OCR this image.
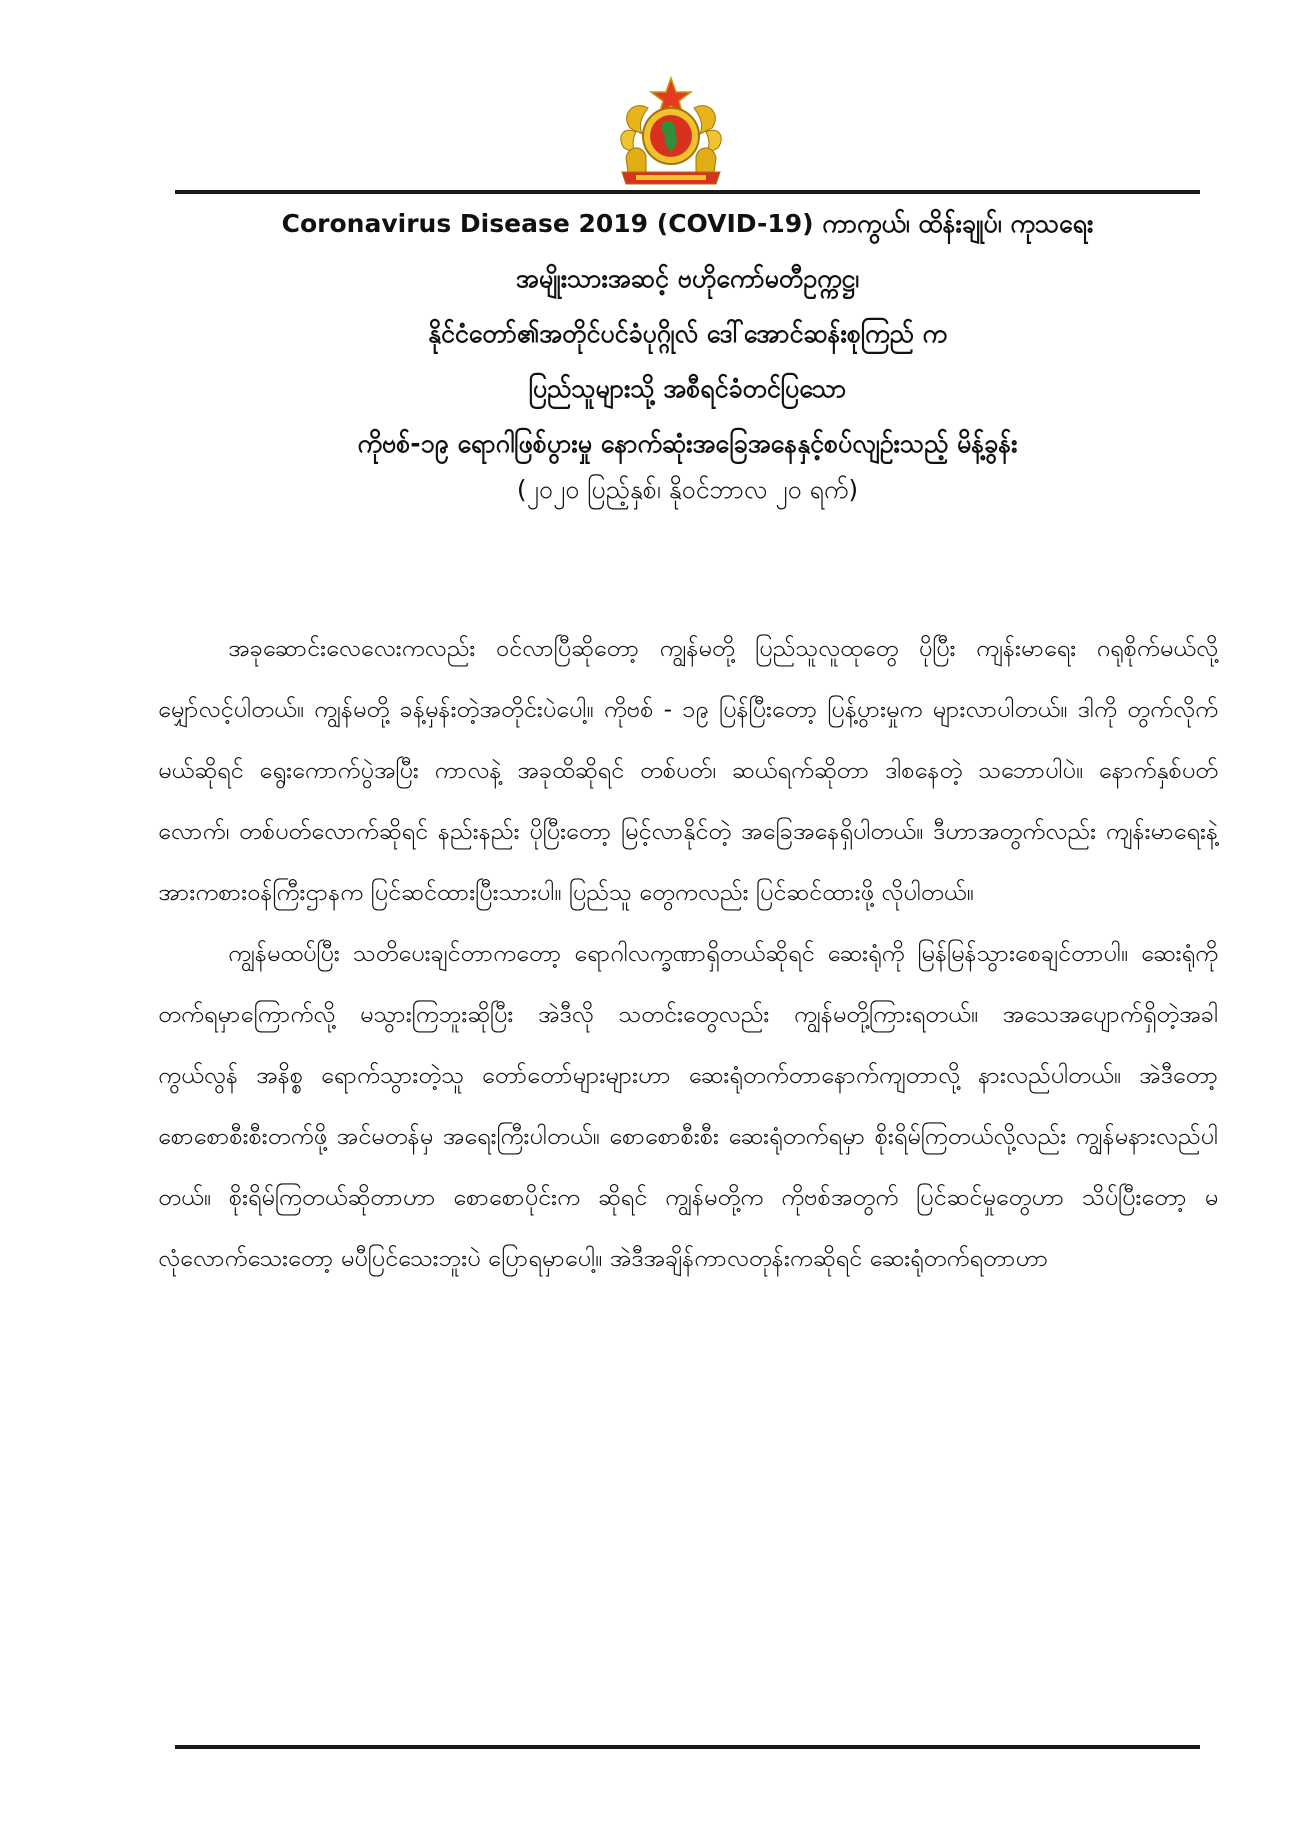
Coronavirus Disease 2019 (COVID-19) ကာကွယ်၊ ထိန်းချုပ်၊ ကုသရေး
အမျိုးသားအဆင့် ဗဟိုကော်မတီဥက္ကဋ္ဌ၊
နိုင်ငံတော်၏အတိုင်ပင်ခံပုဂ္ဂိုလ် ဒေါ်အောင်ဆန်းစုကြည် က
ပြည်သူများသို့ အစီရင်ခံတင်ပြသော
ကိုဗစ်-၁၉ ရောဂါဖြစ်ပွားမှု နောက်ဆုံးအခြေအနေနှင့်စပ်လျဥ်းသည့် မိန့်ခွန်း
(၂၀၂၀ ပြည့်နှစ်၊ နိုဝင်ဘာလ ၂၀ ရက်)

အခုဆောင်းလေလေးကလည်း ဝင်လာပြီဆိုတော့ ကျွန်မတို့ ပြည်သူလူထုတွေ ပိုပြီး ကျန်းမာရေး ဂရုစိုက်မယ်လို့ မျှော်လင့်ပါတယ်။ ကျွန်မတို့ ခန့်မှန်းတဲ့အတိုင်းပဲပေါ့။ ကိုဗစ် - ၁၉ ပြန်ပြီးတော့ ပြန့်ပွားမှုက များလာပါတယ်။ ဒါကို တွက်လိုက်မယ်ဆိုရင် ရွေးကောက်ပွဲအပြီး ကာလနဲ့ အခုထိဆိုရင် တစ်ပတ်၊ ဆယ်ရက်ဆိုတာ ဒါစနေတဲ့ သဘောပါပဲ။ နောက်နှစ်ပတ် လောက်၊ တစ်ပတ်လောက်ဆိုရင် နည်းနည်း ပိုပြီးတော့ မြင့်လာနိုင်တဲ့ အခြေအနေရှိပါတယ်။ ဒီဟာအတွက်လည်း ကျန်းမာရေးနဲ့အားကစားဝန်ကြီးဌာနက ပြင်ဆင်ထားပြီးသားပါ။ ပြည်သူ တွေကလည်း ပြင်ဆင်ထားဖို့ လိုပါတယ်။

ကျွန်မထပ်ပြီး သတိပေးချင်တာကတော့ ရောဂါလက္ခဏာရှိတယ်ဆိုရင် ဆေးရုံကို မြန်မြန်သွားစေချင်တာပါ။ ဆေးရုံကို တက်ရမှာကြောက်လို့ မသွားကြဘူးဆိုပြီး အဲဒီလို သတင်းတွေလည်း ကျွန်မတို့ကြားရတယ်။ အသေအပျောက်ရှိတဲ့အခါ ကွယ်လွန် အနိစ္စ ရောက်သွားတဲ့သူ တော်တော်များများဟာ ဆေးရုံတက်တာနောက်ကျတာလို့ နားလည်ပါတယ်။ အဲဒီတော့ စောစောစီးစီးတက်ဖို့ အင်မတန်မှ အရေးကြီးပါတယ်။ စောစောစီးစီး ဆေးရုံတက်ရမှာ စိုးရိမ်ကြတယ်လို့လည်း ကျွန်မနားလည်ပါတယ်။ စိုးရိမ်ကြတယ်ဆိုတာဟာ စောစောပိုင်းက ဆိုရင် ကျွန်မတို့က ကိုဗစ်အတွက် ပြင်ဆင်မှုတွေဟာ သိပ်ပြီးတော့ မလုံလောက်သေးတော့ မပီပြင်သေးဘူးပဲ ပြောရမှာပေါ့။ အဲဒီအချိန်ကာလတုန်းကဆိုရင် ဆေးရုံတက်ရတာဟာ
